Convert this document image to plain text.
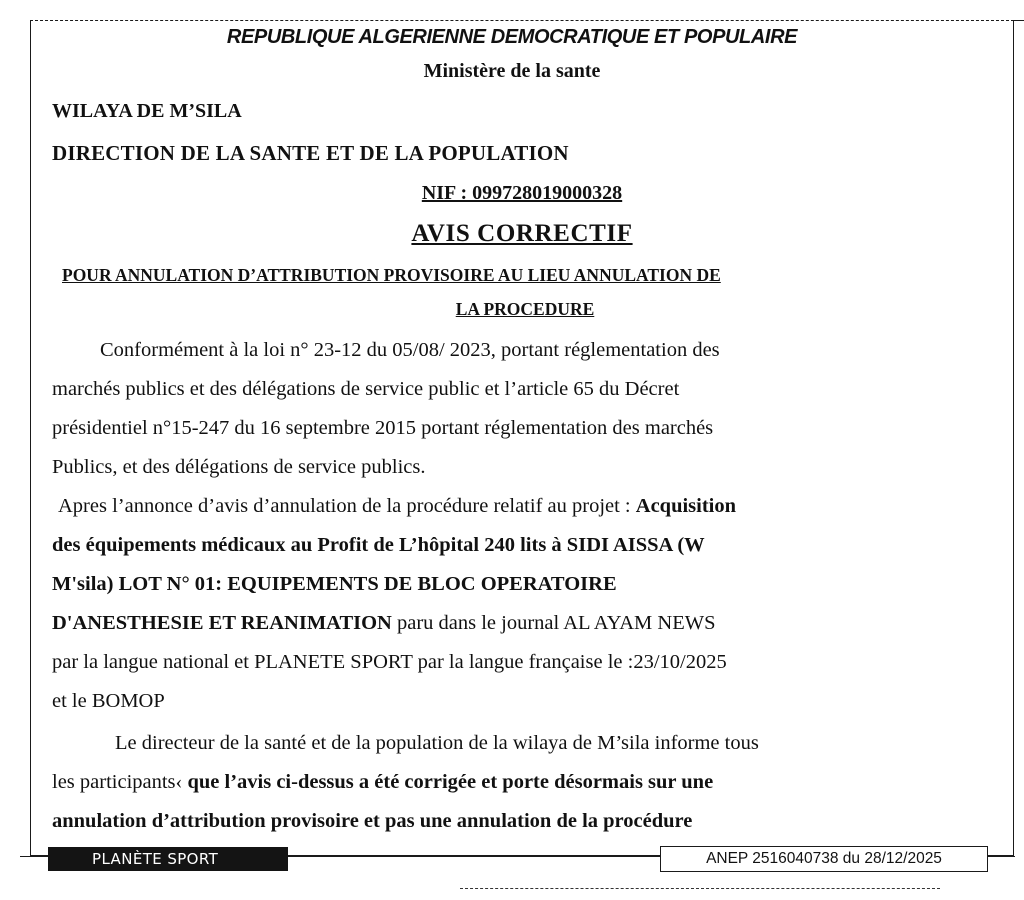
REPUBLIQUE ALGERIENNE DEMOCRATIQUE ET POPULAIRE
Ministère de la sante
WILAYA DE M’SILA
DIRECTION DE LA SANTE ET DE LA POPULATION
NIF : 099728019000328
AVIS CORRECTIF
POUR ANNULATION D’ATTRIBUTION PROVISOIRE AU LIEU ANNULATION DE
LA PROCEDURE
Conformément à la loi n° 23-12 du 05/08/ 2023, portant réglementation des
marchés publics et des délégations de service public et l’article 65 du Décret
présidentiel n°15-247 du 16 septembre 2015 portant réglementation des marchés
Publics, et des délégations de service publics.
Apres l’annonce d’avis d’annulation de la procédure relatif au projet : Acquisition
des équipements médicaux au Profit de L’hôpital 240 lits à SIDI AISSA (W
M'sila) LOT N° 01: EQUIPEMENTS DE BLOC OPERATOIRE
D'ANESTHESIE ET REANIMATION paru dans le journal AL AYAM NEWS
par la langue national et PLANETE SPORT par la langue française le :23/10/2025
et le BOMOP
Le directeur de la santé et de la population de la wilaya de M’sila informe tous
les participants‹ que l’avis ci-dessus a été corrigée et porte désormais sur une
annulation d’attribution provisoire et pas une annulation de la procédure
PLANÈTE SPORT	ANEP 2516040738 du 28/12/2025
